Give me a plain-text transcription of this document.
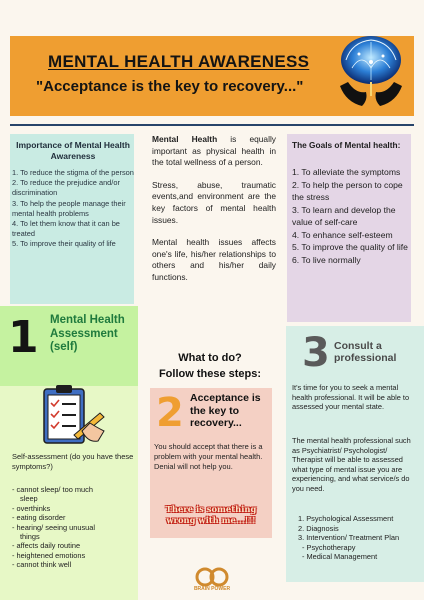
MENTAL HEALTH AWARENESS
"Acceptance is the key to recovery..."
Importance of Mental Health Awareness
1. To reduce the stigma of the person
2. To reduce the prejudice and/or discrimination
3. To help the people manage their mental health problems
4. To let them know that it can be treated
5. To improve their quality of life

Mental Health is equally important as physical health in the total wellness of a person.

Stress, abuse, traumatic events,and environment are the key factors of mental health issues.

Mental health issues affects one's life, his/her relationships to others and his/her daily functions.

The Goals of Mental health:
1. To alleviate the symptoms
2. To help the person to cope the stress
3. To learn and develop the value of self-care
4. To enhance self-esteem
5. To improve the quality of life
6. To live normally
1 Mental Health Assessment (self)
Self-assessment (do you have these symptoms?)
- cannot sleep/ too much
sleep
- overthinks
- eating disorder
- hearing/ seeing unusual
things
- affects daily routine
- heightened emotions
- cannot think well
What to do?
Follow these steps:
2 Acceptance is the key to recovery...
You should accept that there is a problem with your mental health. Denial will not help you.
There is something wrong with me...!!!
3 Consult a professional
It's time for you to seek a mental health professional. It will be able to assessed your mental state.
The mental health professional such as Psychiatrist/ Psychologist/ Therapist will be able to assessed what type of mental issue you are experiencing, and what service/s do you need.
1. Psychological Assessment
2. Diagnosis
3. Intervention/ Treatment Plan
- Psychotherapy
- Medical Management
BRAIN POWER
